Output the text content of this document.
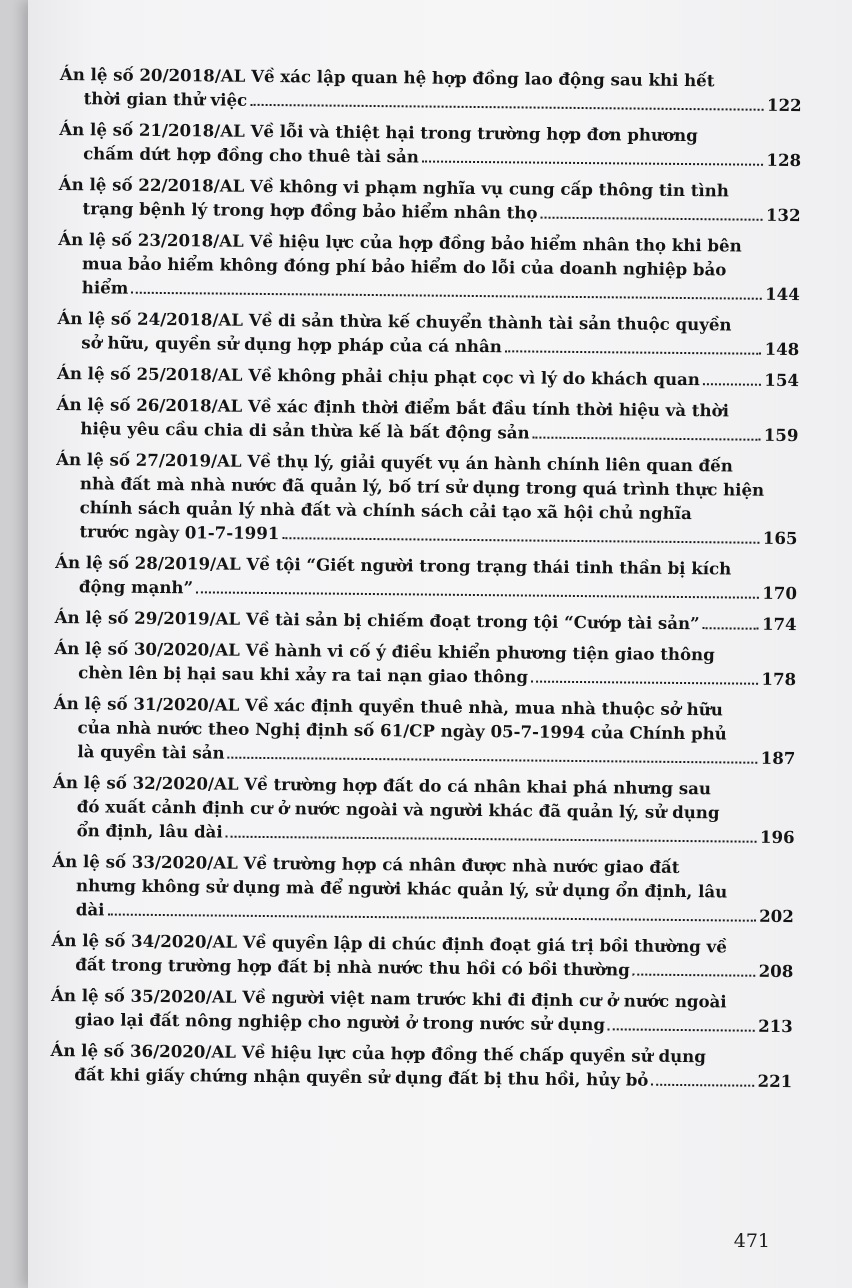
Án lệ số 20/2018/AL Về xác lập quan hệ hợp đồng lao động sau khi hết
thời gian thử việc	122
Án lệ số 21/2018/AL Về lỗi và thiệt hại trong trường hợp đơn phương
chấm dứt hợp đồng cho thuê tài sản	128
Án lệ số 22/2018/AL Về không vi phạm nghĩa vụ cung cấp thông tin tình
trạng bệnh lý trong hợp đồng bảo hiểm nhân thọ	132
Án lệ số 23/2018/AL Về hiệu lực của hợp đồng bảo hiểm nhân thọ khi bên
mua bảo hiểm không đóng phí bảo hiểm do lỗi của doanh nghiệp bảo
hiểm	144
Án lệ số 24/2018/AL Về di sản thừa kế chuyển thành tài sản thuộc quyền
sở hữu, quyền sử dụng hợp pháp của cá nhân	148
Án lệ số 25/2018/AL Về không phải chịu phạt cọc vì lý do khách quan	154
Án lệ số 26/2018/AL Về xác định thời điểm bắt đầu tính thời hiệu và thời
hiệu yêu cầu chia di sản thừa kế là bất động sản	159
Án lệ số 27/2019/AL Về thụ lý, giải quyết vụ án hành chính liên quan đến
nhà đất mà nhà nước đã quản lý, bố trí sử dụng trong quá trình thực hiện chính sách quản lý nhà đất và chính sách cải tạo xã hội chủ nghĩa
trước ngày 01-7-1991	165
Án lệ số 28/2019/AL Về tội “Giết người trong trạng thái tinh thần bị kích
động mạnh”	170
Án lệ số 29/2019/AL Về tài sản bị chiếm đoạt trong tội “Cướp tài sản”	174
Án lệ số 30/2020/AL Về hành vi cố ý điều khiển phương tiện giao thông
chèn lên bị hại sau khi xảy ra tai nạn giao thông	178
Án lệ số 31/2020/AL Về xác định quyền thuê nhà, mua nhà thuộc sở hữu
của nhà nước theo Nghị định số 61/CP ngày 05-7-1994 của Chính phủ
là quyền tài sản	187
Án lệ số 32/2020/AL Về trường hợp đất do cá nhân khai phá nhưng sau
đó xuất cảnh định cư ở nước ngoài và người khác đã quản lý, sử dụng
ổn định, lâu dài	196
Án lệ số 33/2020/AL Về trường hợp cá nhân được nhà nước giao đất
nhưng không sử dụng mà để người khác quản lý, sử dụng ổn định, lâu
dài	202
Án lệ số 34/2020/AL Về quyền lập di chúc định đoạt giá trị bồi thường về
đất trong trường hợp đất bị nhà nước thu hồi có bồi thường	208
Án lệ số 35/2020/AL Về người việt nam trước khi đi định cư ở nước ngoài
giao lại đất nông nghiệp cho người ở trong nước sử dụng	213
Án lệ số 36/2020/AL Về hiệu lực của hợp đồng thế chấp quyền sử dụng
đất khi giấy chứng nhận quyền sử dụng đất bị thu hồi, hủy bỏ	221
471
